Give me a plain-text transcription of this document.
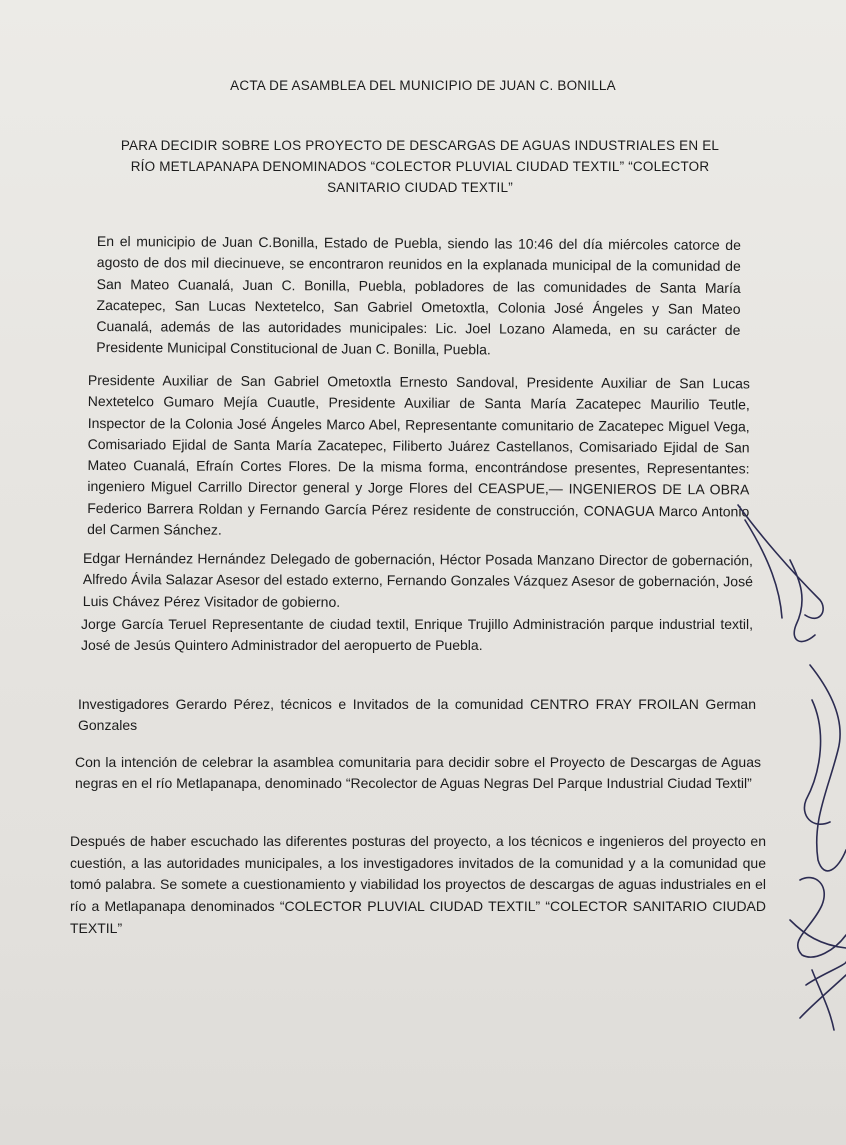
ACTA DE ASAMBLEA DEL MUNICIPIO DE JUAN C. BONILLA
PARA DECIDIR SOBRE LOS PROYECTO DE DESCARGAS DE AGUAS INDUSTRIALES EN EL RÍO METLAPANAPA DENOMINADOS “COLECTOR PLUVIAL CIUDAD TEXTIL” “COLECTOR SANITARIO CIUDAD TEXTIL”

En el municipio de Juan C.Bonilla, Estado de Puebla, siendo las 10:46 del día miércoles catorce de agosto de dos mil diecinueve, se encontraron reunidos en la explanada municipal de la comunidad de San Mateo Cuanalá, Juan C. Bonilla, Puebla, pobladores de las comunidades de Santa María Zacatepec, San Lucas Nextetelco, San Gabriel Ometoxtla, Colonia José Ángeles y San Mateo Cuanalá, además de las autoridades municipales: Lic. Joel Lozano Alameda, en su carácter de Presidente Municipal Constitucional de Juan C. Bonilla, Puebla.

Presidente Auxiliar de San Gabriel Ometoxtla Ernesto Sandoval, Presidente Auxiliar de San Lucas Nextetelco Gumaro Mejía Cuautle, Presidente Auxiliar de Santa María Zacatepec Maurilio Teutle, Inspector de la Colonia José Ángeles Marco Abel, Representante comunitario de Zacatepec Miguel Vega, Comisariado Ejidal de Santa María Zacatepec, Filiberto Juárez Castellanos, Comisariado Ejidal de San Mateo Cuanalá, Efraín Cortes Flores. De la misma forma, encontrándose presentes, Representantes: ingeniero Miguel Carrillo Director general y Jorge Flores del CEASPUE,— INGENIEROS DE LA OBRA Federico Barrera Roldan y Fernando García Pérez residente de construcción, CONAGUA Marco Antonio del Carmen Sánchez.

Edgar Hernández Hernández Delegado de gobernación, Héctor Posada Manzano Director de gobernación, Alfredo Ávila Salazar Asesor del estado externo, Fernando Gonzales Vázquez Asesor de gobernación, José Luis Chávez Pérez Visitador de gobierno.

Jorge García Teruel Representante de ciudad textil, Enrique Trujillo Administración parque industrial textil, José de Jesús Quintero Administrador del aeropuerto de Puebla.

Investigadores Gerardo Pérez, técnicos e Invitados de la comunidad CENTRO FRAY FROILAN German Gonzales

Con la intención de celebrar la asamblea comunitaria para decidir sobre el Proyecto de Descargas de Aguas negras en el río Metlapanapa, denominado “Recolector de Aguas Negras Del Parque Industrial Ciudad Textil”

Después de haber escuchado las diferentes posturas del proyecto, a los técnicos e ingenieros del proyecto en cuestión, a las autoridades municipales, a los investigadores invitados de la comunidad y a la comunidad que tomó palabra. Se somete a cuestionamiento y viabilidad los proyectos de descargas de aguas industriales en el río a Metlapanapa denominados “COLECTOR PLUVIAL CIUDAD TEXTIL” “COLECTOR SANITARIO CIUDAD TEXTIL”
